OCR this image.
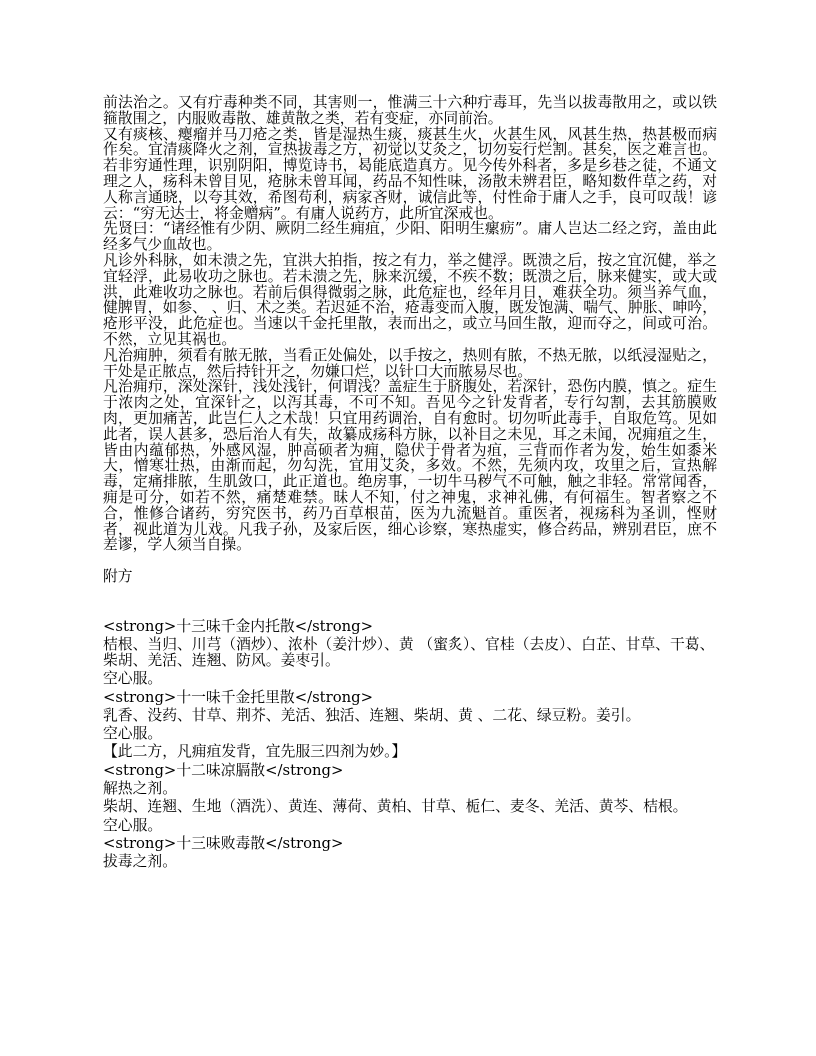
前法治之。又有疔毒种类不同，其害则一，惟满三十六种疔毒耳，先当以拔毒散用之，或以铁箍散围之，内服败毒散、雄黄散之类，若有变症，亦同前治。

又有痰核、瘿瘤并马刀疮之类，皆是湿热生痰，痰甚生火，火甚生风，风甚生热，热甚极而病作矣。宜清痰降火之剂，宣热拔毒之方，初觉以艾灸之，切勿妄行烂割。甚矣，医之难言也。若非穷通性理，识别阴阳，博览诗书，曷能底造真方。见今传外科者，多是乡巷之徒，不通文理之人，疡科未曾目见，疮脉未曾耳闻，药品不知性味，汤散未辨君臣，略知数件草之药，对人称言通晓，以夸其效，希图苟利，病家吝财，诚信此等，付性命于庸人之手，良可叹哉！谚云：“穷无达士，将金赠病”。有庸人说药方，此所宜深戒也。

先贤曰：“诸经惟有少阴、厥阴二经生痈疽，少阳、阳明生瘰疬”。庸人岂达二经之窍，盖由此经多气少血故也。

凡诊外科脉，如未溃之先，宜洪大拍指，按之有力，举之健浮。既溃之后，按之宜沉健，举之宜轻浮，此易收功之脉也。若未溃之先，脉来沉缓，不疾不数；既溃之后，脉来健实，或大或洪，此难收功之脉也。若前后俱得微弱之脉，此危症也，经年月日，难获全功。须当养气血，健脾胃，如参、 、归、术之类。若迟延不治，疮毒变而入腹，既发饱满、喘气、肿胀、呻吟，疮形平没，此危症也。当速以千金托里散，表而出之，或立马回生散，迎而夺之，间或可治。不然，立见其祸也。

凡治痈肿，须看有脓无脓，当看正处偏处，以手按之，热则有脓，不热无脓，以纸浸湿贴之，干处是正脓点，然后持针开之，勿嫌口烂，以针口大而脓易尽也。

凡治痈疖，深处深针，浅处浅针，何谓浅？盖症生于脐腹处，若深针，恐伤内膜，慎之。症生于浓肉之处，宜深针之，以泻其毒，不可不知。吾见今之针发背者，专行勾割，去其筋膜败肉，更加痛苦，此岂仁人之术哉！只宜用药调治，自有愈时。切勿听此毒手，自取危笃。见如此者，误人甚多，恐后治人有失，故纂成疡科方脉，以补目之未见，耳之未闻，况痈疽之生，皆由内蕴郁热，外感风湿，肿高硕者为痈，隐伏于骨者为疽，三背而作者为发，始生如黍米大，憎寒壮热，由渐而起，勿勾洗，宜用艾灸，多效。不然，先须内攻，攻里之后，宣热解毒，定痛排脓，生肌敛口，此正道也。绝房事，一切牛马秽气不可触，触之非轻。常常闻香，痈是可分，如若不然，痛楚难禁。昧人不知，付之神鬼，求神礼佛，有何福生。智者察之不合，惟修合诸药，穷究医书，药乃百草根苗，医为九流魁首。重医者，视疡科为圣训，悭财者，视此道为儿戏。凡我子孙，及家后医，细心诊察，寒热虚实，修合药品，辨别君臣，庶不差谬，学人须当自操。

附方

<strong>十三味千金内托散</strong>

桔根、当归、川芎（酒炒）、浓朴（姜汁炒）、黄 （蜜炙）、官桂（去皮）、白芷、甘草、干葛、柴胡、羌活、连翘、防风。姜枣引。

空心服。

<strong>十一味千金托里散</strong>

乳香、没药、甘草、荆芥、羌活、独活、连翘、柴胡、黄 、二花、绿豆粉。姜引。

空心服。

【此二方，凡痈疽发背，宜先服三四剂为妙。】

<strong>十二味凉膈散</strong>

解热之剂。

柴胡、连翘、生地（酒洗）、黄连、薄荷、黄柏、甘草、栀仁、麦冬、羌活、黄芩、桔根。

空心服。

<strong>十三味败毒散</strong>

拔毒之剂。
